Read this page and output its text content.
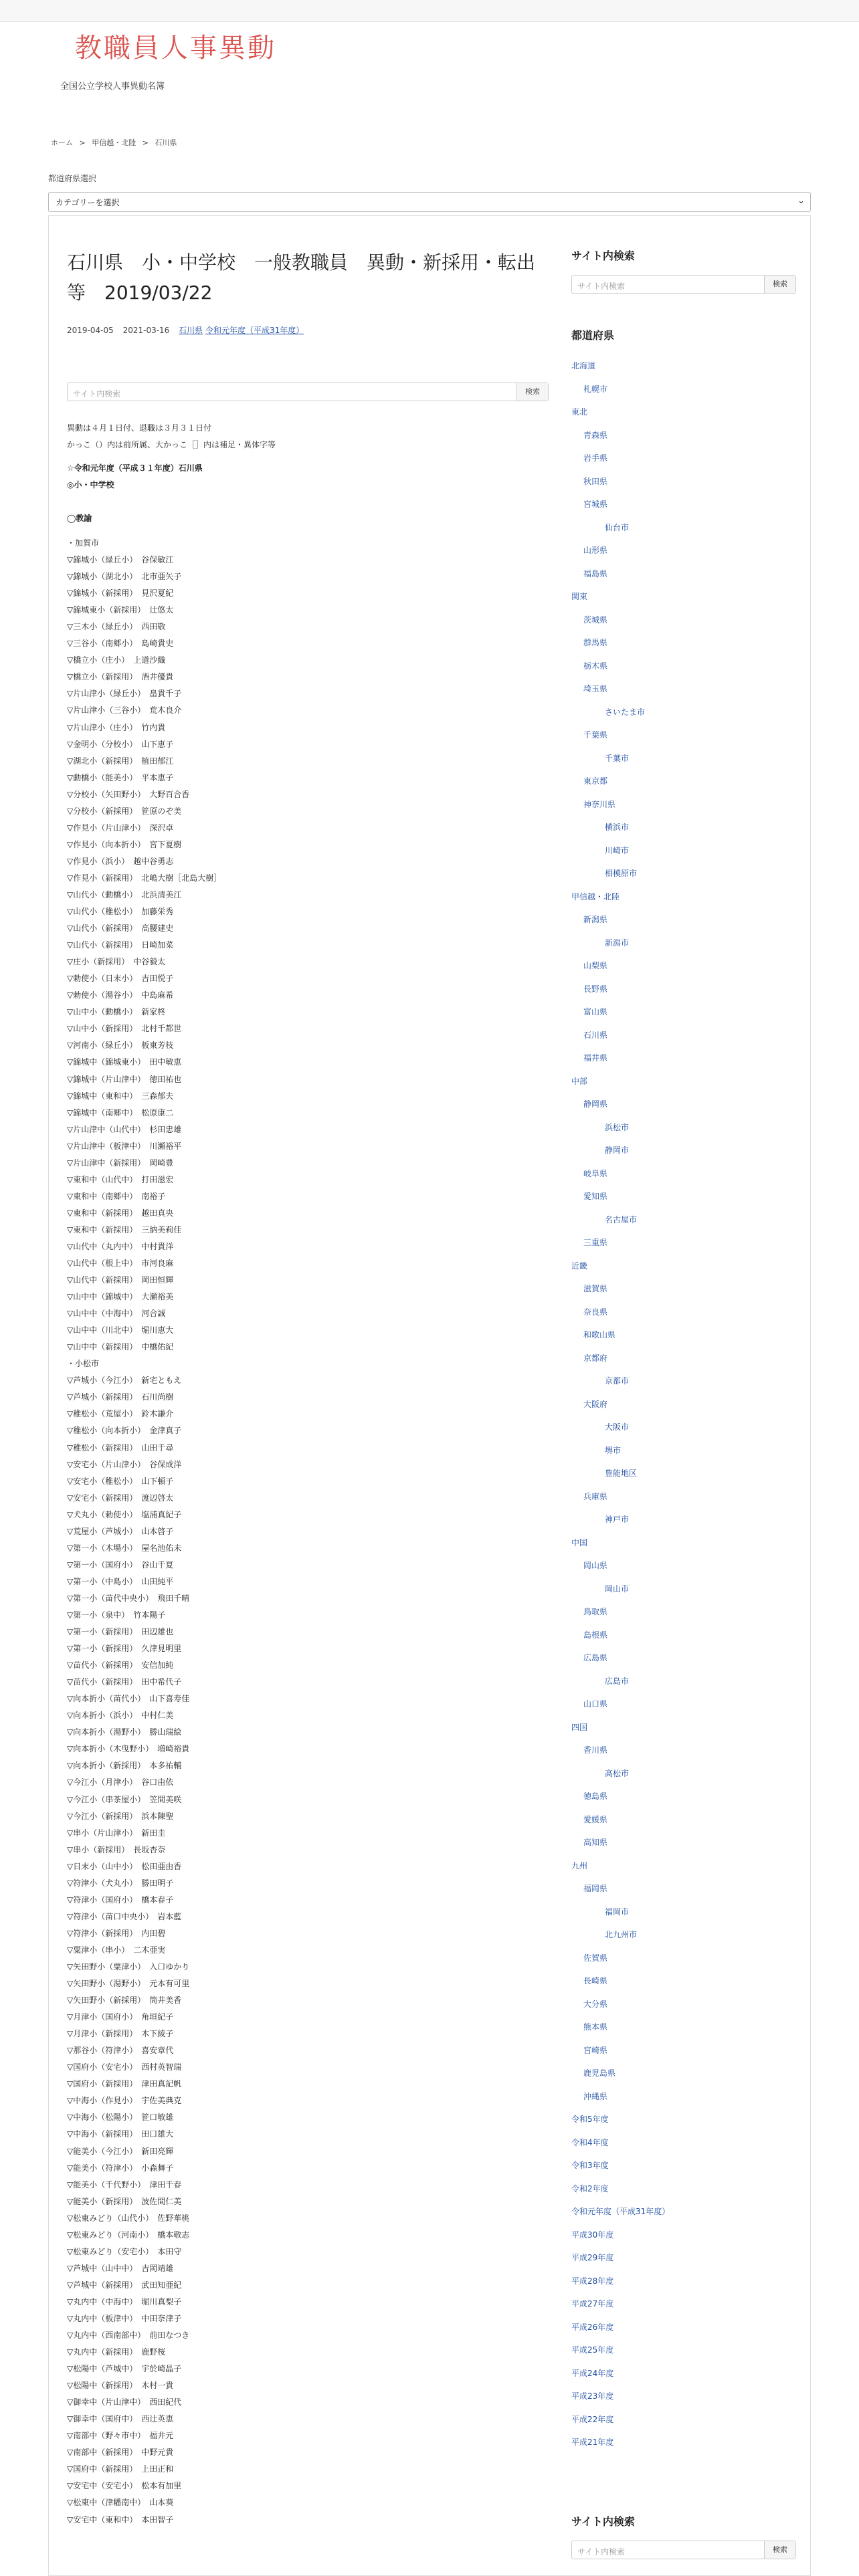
教職員人事異動
全国公立学校人事異動名簿
ホーム > 甲信越・北陸 > 石川県
都道府県選択
カテゴリーを選択	⌄
石川県　小・中学校　一般教職員　異動・新採用・転出等　2019/03/22
2019-04-05 2021-03-16 石川県 令和元年度（平成31年度）
サイト内検索	検索
異動は４月１日付、退職は３月３１日付
かっこ（）内は前所属、大かっこ［］内は補足・異体字等
☆令和元年度（平成３１年度）石川県
◎小・中学校
◯教諭
・加賀市
▽錦城小（緑丘小）　谷保敏江
▽錦城小（湖北小）　北市亜矢子
▽錦城小（新採用）　見沢夏紀
▽錦城東小（新採用）　辻悠太
▽三木小（緑丘小）　西田敬
▽三谷小（南郷小）　島崎貴史
▽橋立小（庄小）　上道沙織
▽橋立小（新採用）　酒井優貴
▽片山津小（緑丘小）　畠貴千子
▽片山津小（三谷小）　荒木良介
▽片山津小（庄小）　竹内貴
▽金明小（分校小）　山下恵子
▽湖北小（新採用）　植田郁江
▽動橋小（能美小）　平本恵子
▽分校小（矢田野小）　大野百合香
▽分校小（新採用）　笹原のぞ美
▽作見小（片山津小）　深沢卓
▽作見小（向本折小）　宮下夏樹
▽作見小（浜小）　越中谷勇志
▽作見小（新採用）　北嶋大樹［北島大樹］
▽山代小（動橋小）　北浜清美江
▽山代小（稚松小）　加藤栄秀
▽山代小（新採用）　高腰建史
▽山代小（新採用）　日崎加菜
▽庄小（新採用）　中谷毅太
▽勅使小（日末小）　吉田悦子
▽勅使小（湯谷小）　中島麻希
▽山中小（動橋小）　新家柊
▽山中小（新採用）　北村千都世
▽河南小（緑丘小）　板東芳枝
▽錦城中（錦城東小）　田中敏恵
▽錦城中（片山津中）　徳田祐也
▽錦城中（東和中）　三森郁夫
▽錦城中（南郷中）　松原康二
▽片山津中（山代中）　杉田忠雄
▽片山津中（板津中）　川瀬裕平
▽片山津中（新採用）　岡崎豊
▽東和中（山代中）　打田滋宏
▽東和中（南郷中）　南裕子
▽東和中（新採用）　越田真央
▽東和中（新採用）　三納美莉佳
▽山代中（丸内中）　中村貴洋
▽山代中（根上中）　市河良麻
▽山代中（新採用）　岡田恒輝
▽山中中（錦城中）　大瀬裕美
▽山中中（中海中）　河合誠
▽山中中（川北中）　堀川恵大
▽山中中（新採用）　中橋佑紀
・小松市
▽芦城小（今江小）　新宅ともえ
▽芦城小（新採用）　石川尚樹
▽稚松小（荒屋小）　鈴木謙介
▽稚松小（向本折小）　金津真子
▽稚松小（新採用）　山田千尋
▽安宅小（片山津小）　谷保成洋
▽安宅小（稚松小）　山下頓子
▽安宅小（新採用）　渡辺啓太
▽犬丸小（勅使小）　塩浦真紀子
▽荒屋小（芦城小）　山本啓子
▽第一小（木場小）　屋名池佑未
▽第一小（国府小）　谷山千夏
▽第一小（中島小）　山田純平
▽第一小（苗代中央小）　飛田千晴
▽第一小（泉中）　竹本陽子
▽第一小（新採用）　田辺雄也
▽第一小（新採用）　久津見明里
▽苗代小（新採用）　安信加純
▽苗代小（新採用）　田中希代子
▽向本折小（苗代小）　山下喜寿佳
▽向本折小（浜小）　中村仁美
▽向本折小（湯野小）　勝山瑞絵
▽向本折小（木曳野小）　増崎裕貴
▽向本折小（新採用）　本多祐輔
▽今江小（月津小）　谷口由依
▽今江小（串茶屋小）　笠間美咲
▽今江小（新採用）　浜本陳聖
▽串小（片山津小）　新田圭
▽串小（新採用）　長坂杏奈
▽日末小（山中小）　松田亜由香
▽符津小（犬丸小）　勝田明子
▽符津小（国府小）　橋本春子
▽符津小（苗口中央小）　岩本藍
▽符津小（新採用）　内田碧
▽粟津小（串小）　二木亜実
▽矢田野小（粟津小）　入口ゆかり
▽矢田野小（湯野小）　元本有可里
▽矢田野小（新採用）　筒井美香
▽月津小（国府小）　角垣紀子
▽月津小（新採用）　木下綾子
▽那谷小（符津小）　喜安章代
▽国府小（安宅小）　西村英智瑞
▽国府小（新採用）　津田真記帆
▽中海小（作見小）　宇佐美典克
▽中海小（松陽小）　笹口敏雄
▽中海小（新採用）　田口雄大
▽能美小（今江小）　新田亮輝
▽能美小（符津小）　小森舞子
▽能美小（千代野小）　津田千春
▽能美小（新採用）　波佐間仁美
▽松東みどり（山代小）　佐野華桃
▽松東みどり（河南小）　橋本敬志
▽松東みどり（安宅小）　本田守
▽芦城中（山中中）　吉岡靖雄
▽芦城中（新採用）　武田知亜紀
▽丸内中（中海中）　堀川真梨子
▽丸内中（板津中）　中田奈津子
▽丸内中（西南部中）　前田なつき
▽丸内中（新採用）　鹿野桜
▽松陽中（芦城中）　宇於崎晶子
▽松陽中（新採用）　木村一貴
▽御幸中（片山津中）　西田紀代
▽御幸中（国府中）　西辻英恵
▽南部中（野々市中）　福井元
▽南部中（新採用）　中野元貴
▽国府中（新採用）　上田正和
▽安宅中（安宅小）　松本有加里
▽松東中（津幡南中）　山本葵
▽安宅中（東和中）　本田智子
サイト内検索
サイト内検索	検索
都道府県
北海道
札幌市
東北
青森県
岩手県
秋田県
宮城県
仙台市
山形県
福島県
関東
茨城県
群馬県
栃木県
埼玉県
さいたま市
千葉県
千葉市
東京都
神奈川県
横浜市
川崎市
相模原市
甲信越・北陸
新潟県
新潟市
山梨県
長野県
富山県
石川県
福井県
中部
静岡県
浜松市
静岡市
岐阜県
愛知県
名古屋市
三重県
近畿
滋賀県
奈良県
和歌山県
京都府
京都市
大阪府
大阪市
堺市
豊能地区
兵庫県
神戸市
中国
岡山県
岡山市
鳥取県
島根県
広島県
広島市
山口県
四国
香川県
高松市
徳島県
愛媛県
高知県
九州
福岡県
福岡市
北九州市
佐賀県
長崎県
大分県
熊本県
宮崎県
鹿児島県
沖縄県
令和5年度
令和4年度
令和3年度
令和2年度
令和元年度（平成31年度）
平成30年度
平成29年度
平成28年度
平成27年度
平成26年度
平成25年度
平成24年度
平成23年度
平成22年度
平成21年度
サイト内検索
サイト内検索	検索
